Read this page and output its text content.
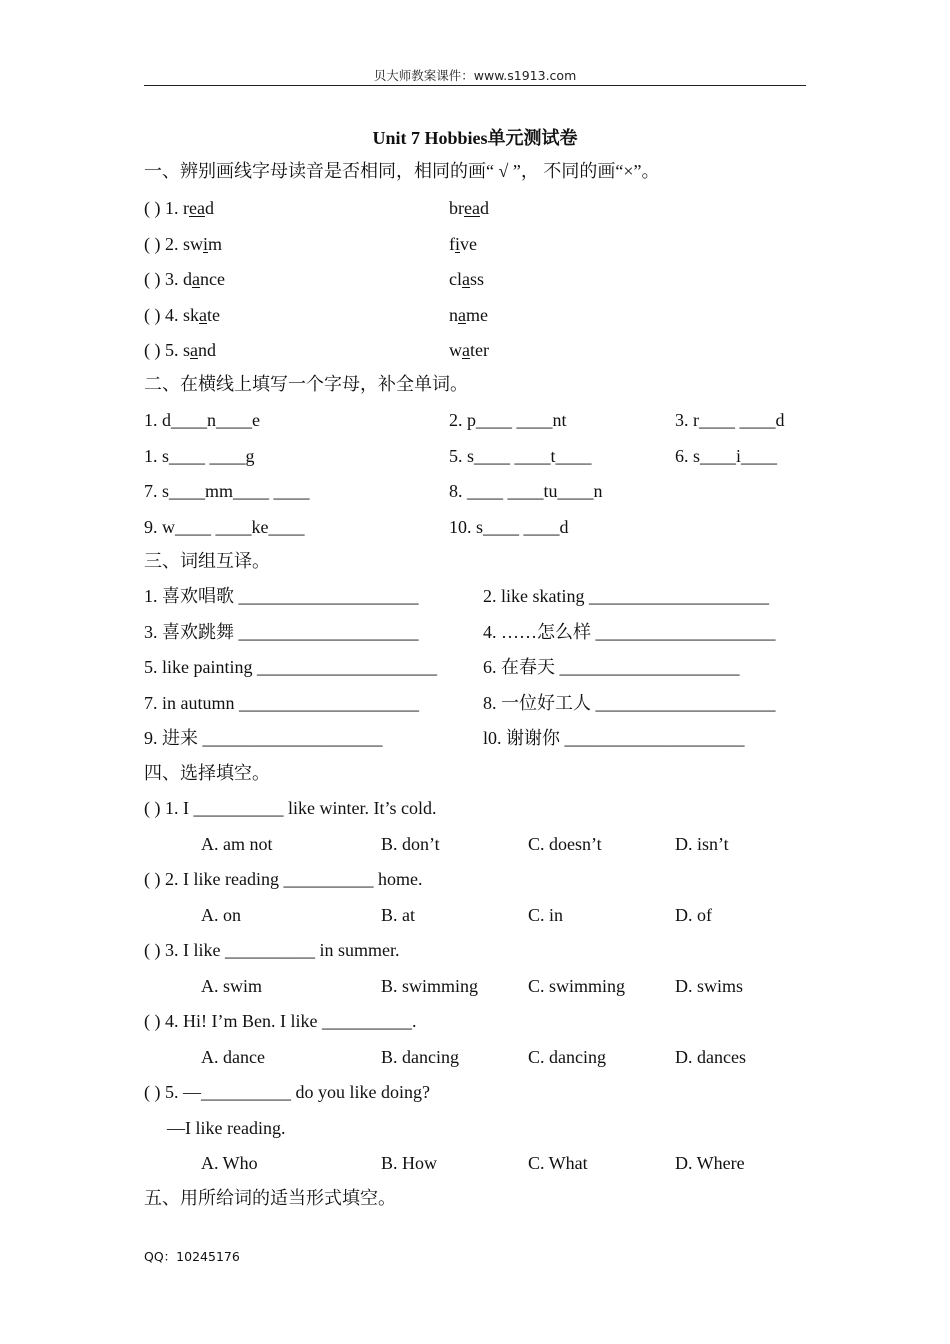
贝大师教案课件：www.s1913.com
Unit 7 Hobbies单元测试卷
一、辨别画线字母读音是否相同，相同的画“ √ ”， 不同的画“×”。
( ) 1. read	bread
( ) 2. swim	five
( ) 3. dance	class
( ) 4. skate	name
( ) 5. sand	water
二、在横线上填写一个字母，补全单词。
1. d____n____e	2. p____ ____nt	3. r____ ____d
1. s____ ____g	5. s____ ____t____	6. s____i____
7. s____mm____ ____	8. ____ ____tu____n
9. w____ ____ke____	10. s____ ____d
三、词组互译。
1. 喜欢唱歌 ____________________	2. like skating ____________________
3. 喜欢跳舞 ____________________	4. ……怎么样 ____________________
5. like painting ____________________	6. 在春天 ____________________
7. in autumn ____________________	8. 一位好工人 ____________________
9. 进来 ____________________	l0. 谢谢你 ____________________
四、选择填空。
( ) 1. I __________ like winter. It’s cold.
A. am not	B. don’t	C. doesn’t	D. isn’t
( ) 2. I like reading __________ home.
A. on	B. at	C. in	D. of
( ) 3. I like __________ in summer.
A. swim	B. swimming	C. swimming	D. swims
( ) 4. Hi! I’m Ben. I like __________.
A. dance	B. dancing	C. dancing	D. dances
( ) 5. —__________ do you like doing?
—I like reading.
A. Who	B. How	C. What	D. Where
五、用所给词的适当形式填空。
QQ：10245176
